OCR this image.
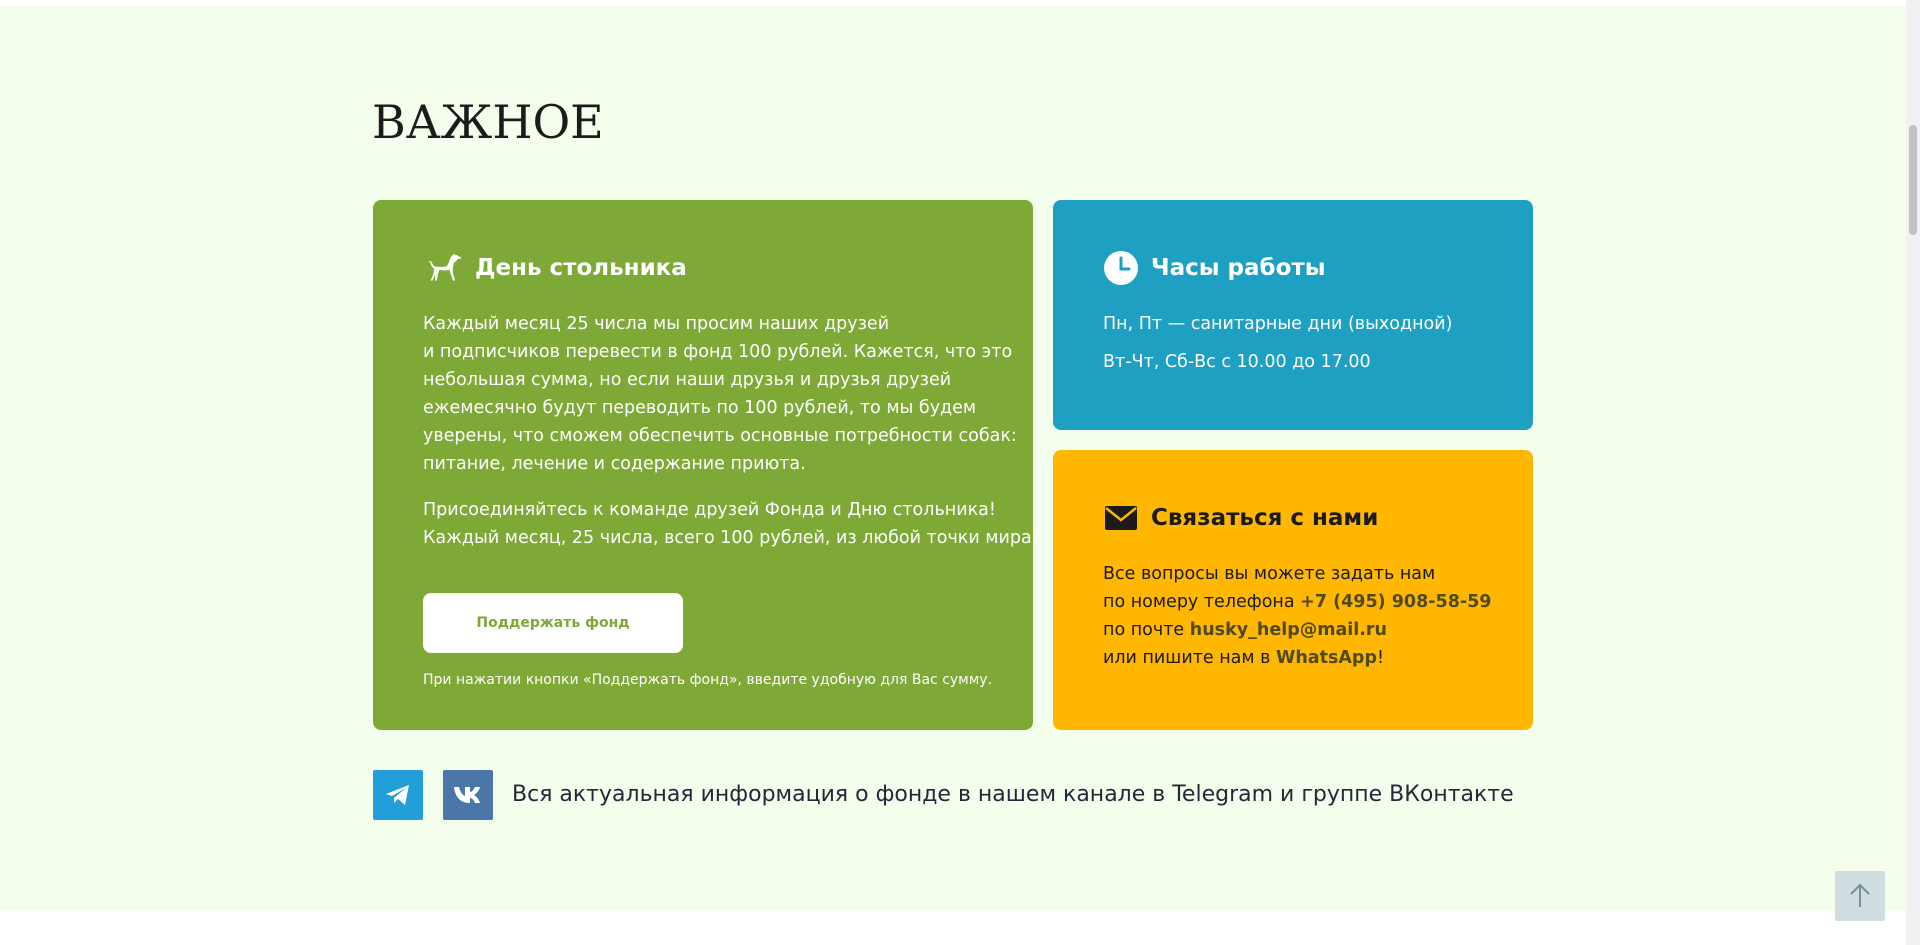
ВАЖНОЕ
День стольника
Каждый месяц 25 числа мы просим наших друзей
и подписчиков перевести в фонд 100 рублей. Кажется, что это
небольшая сумма, но если наши друзья и друзья друзей
ежемесячно будут переводить по 100 рублей, то мы будем
уверены, что сможем обеспечить основные потребности собак:
питание, лечение и содержание приюта.
Присоединяйтесь к команде друзей Фонда и Дню стольника!
Каждый месяц, 25 числа, всего 100 рублей, из любой точки мира
Поддержать фонд
При нажатии кнопки «Поддержать фонд», введите удобную для Вас сумму.
Часы работы
Пн, Пт — санитарные дни (выходной)
Вт-Чт, Сб-Вс с 10.00 до 17.00
Связаться с нами
Все вопросы вы можете задать нам
по номеру телефона +7 (495) 908-58-59
по почте husky_help@mail.ru
или пишите нам в WhatsApp!
Вся актуальная информация о фонде в нашем канале в Telegram и группе ВКонтакте
